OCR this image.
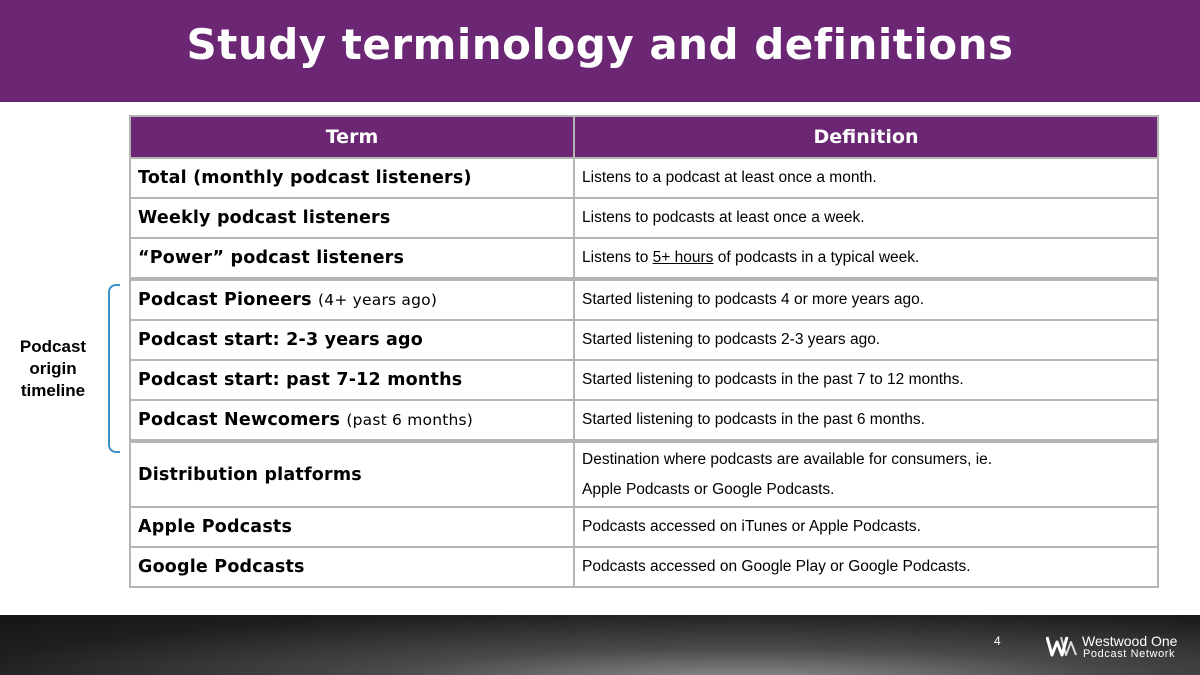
Study terminology and definitions
Term	Definition
Total (monthly podcast listeners)	Listens to a podcast at least once a month.
Weekly podcast listeners	Listens to podcasts at least once a week.
“Power” podcast listeners	Listens to 5+ hours of podcasts in a typical week.
Podcast Pioneers (4+ years ago)	Started listening to podcasts 4 or more years ago.
Podcast start: 2-3 years ago	Started listening to podcasts 2-3 years ago.
Podcast start: past 7-12 months	Started listening to podcasts in the past 7 to 12 months.
Podcast Newcomers (past 6 months)	Started listening to podcasts in the past 6 months.
Distribution platforms	Destination where podcasts are available for consumers, ie.
Apple Podcasts or Google Podcasts.

Apple Podcasts	Podcasts accessed on iTunes or Apple Podcasts.
Google Podcasts	Podcasts accessed on Google Play or Google Podcasts.
Podcast
origin
timeline
4	Westwood One
Podcast Network
